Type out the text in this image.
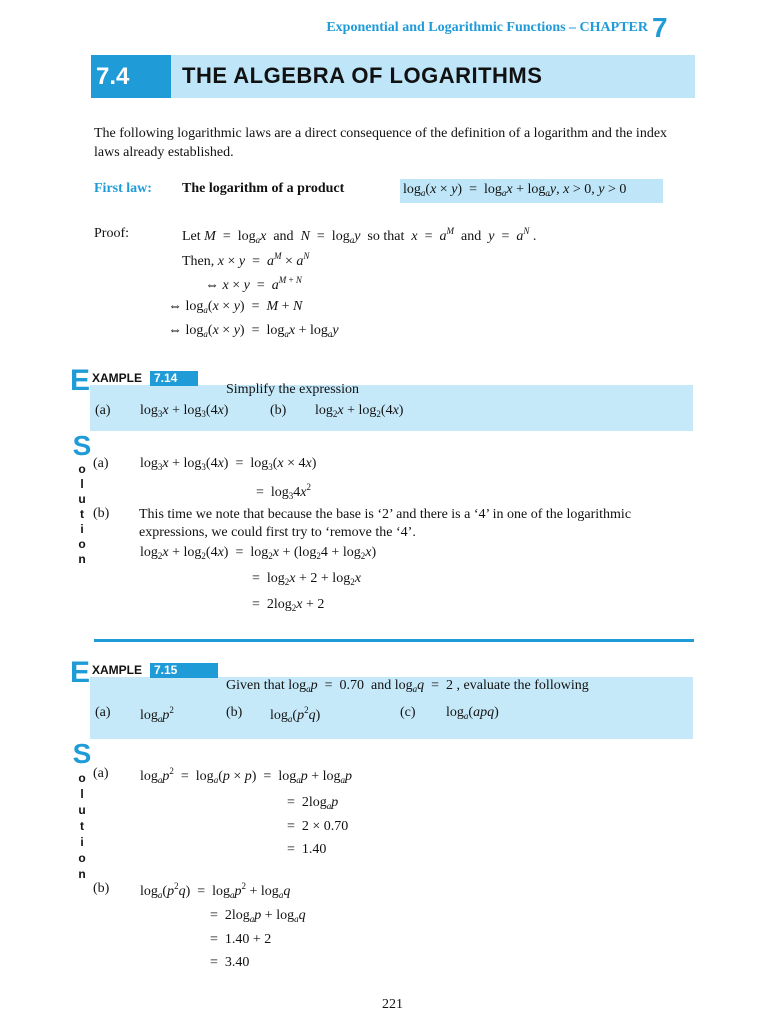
Exponential and Logarithmic Functions – CHAPTER 7
7.4 THE ALGEBRA OF LOGARITHMS
The following logarithmic laws are a direct consequence of the definition of a logarithm and the index laws already established.
First law: The logarithm of a product	$\log_a(x \times y) = \log_ax + \log_ay$, x > 0, y > 0
Proof:	Let $M = \log_ax$ and $N = \log_ay$ so that $x = a^M$  and  $y = a^N$ .
Then, $x \times y = a^M \times a^N$
⇔ $x \times y = a^{M + N}$
⇔ $\log_a(x \times y) = M + N$
⇔ $\log_a(x \times y) = \log_ax + \log_ay$
E XAMPLE 7.14
Simplify the expression
(a) $\log_3x + \log_3(4x)$	(b) $\log_2x + \log_2(4x)$
S
o
l
u
t
i
o
n
(a) $\log_3x + \log_3(4x) = \log_3(x \times 4x)$
=  $\log_34x^2$
(b) This time we note that because the base is ‘2’ and there is a ‘4’ in one of the logarithmic expressions, we could first try to ‘remove the ‘4’.
$\log_2x + \log_2(4x) = \log_2x + (\log_24 + \log_2x)$
=  $\log_2x + 2 + \log_2x$
=  $2\log_2x + 2$
E XAMPLE 7.15
Given that $\log_ap = 0.70$ and $\log_aq = 2$ , evaluate the following
(a) $\log_ap^2$	(b) $\log_a(p^2q)$	(c) $\log_a(apq)$
S
o
l
u
t
i
o
n
(a) $\log_ap^2 = \log_a(p \times p) = \log_ap + \log_ap$
=  $2\log_ap$
=  2 × 0.70
=  1.40
(b) $\log_a(p^2q) = \log_ap^2 + \log_aq$
=  $2\log_ap + \log_aq$
=  1.40 + 2
=  3.40
221
